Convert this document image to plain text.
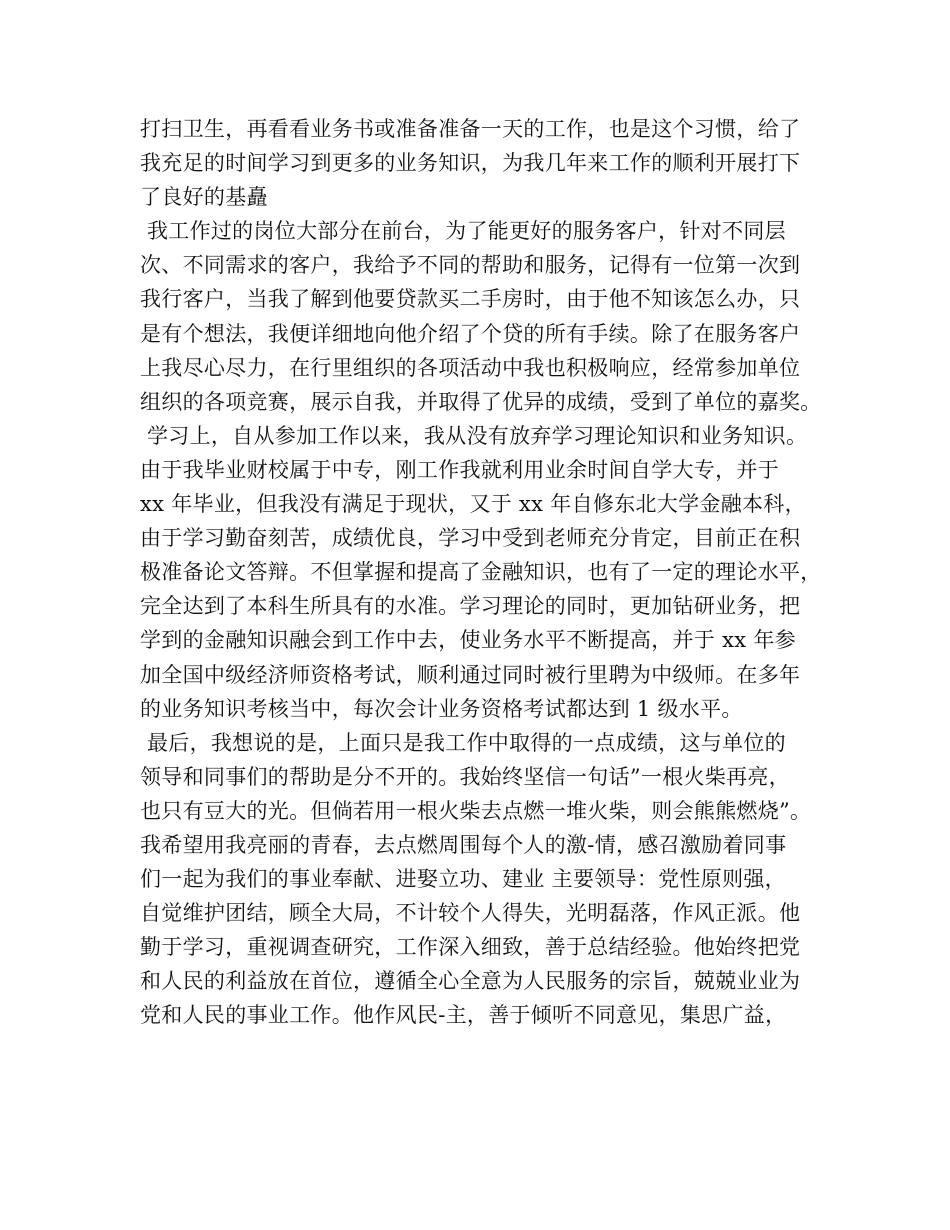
打扫卫生，再看看业务书或准备准备一天的工作，也是这个习惯，给了
我充足的时间学习到更多的业务知识，为我几年来工作的顺利开展打下
了良好的基矗
我工作过的岗位大部分在前台，为了能更好的服务客户，针对不同层
次、不同需求的客户，我给予不同的帮助和服务，记得有一位第一次到
我行客户，当我了解到他要贷款买二手房时，由于他不知该怎么办，只
是有个想法，我便详细地向他介绍了个贷的所有手续。除了在服务客户
上我尽心尽力，在行里组织的各项活动中我也积极响应，经常参加单位
组织的各项竞赛，展示自我，并取得了优异的成绩，受到了单位的嘉奖。
学习上，自从参加工作以来，我从没有放弃学习理论知识和业务知识。
由于我毕业财校属于中专，刚工作我就利用业余时间自学大专，并于
xx 年毕业，但我没有满足于现状，又于 xx 年自修东北大学金融本科，
由于学习勤奋刻苦，成绩优良，学习中受到老师充分肯定，目前正在积
极准备论文答辩。不但掌握和提高了金融知识，也有了一定的理论水平，
完全达到了本科生所具有的水准。学习理论的同时，更加钻研业务，把
学到的金融知识融会到工作中去，使业务水平不断提高，并于 xx 年参
加全国中级经济师资格考试，顺利通过同时被行里聘为中级师。在多年
的业务知识考核当中，每次会计业务资格考试都达到 1 级水平。
最后，我想说的是，上面只是我工作中取得的一点成绩，这与单位的
领导和同事们的帮助是分不开的。我始终坚信一句话”一根火柴再亮，
也只有豆大的光。但倘若用一根火柴去点燃一堆火柴，则会熊熊燃烧”。
我希望用我亮丽的青春，去点燃周围每个人的激-情，感召激励着同事
们一起为我们的事业奉献、进娶立功、建业 主要领导：党性原则强，
自觉维护团结，顾全大局，不计较个人得失，光明磊落，作风正派。他
勤于学习，重视调查研究，工作深入细致，善于总结经验。他始终把党
和人民的利益放在首位，遵循全心全意为人民服务的宗旨，兢兢业业为
党和人民的事业工作。他作风民-主，善于倾听不同意见，集思广益，
